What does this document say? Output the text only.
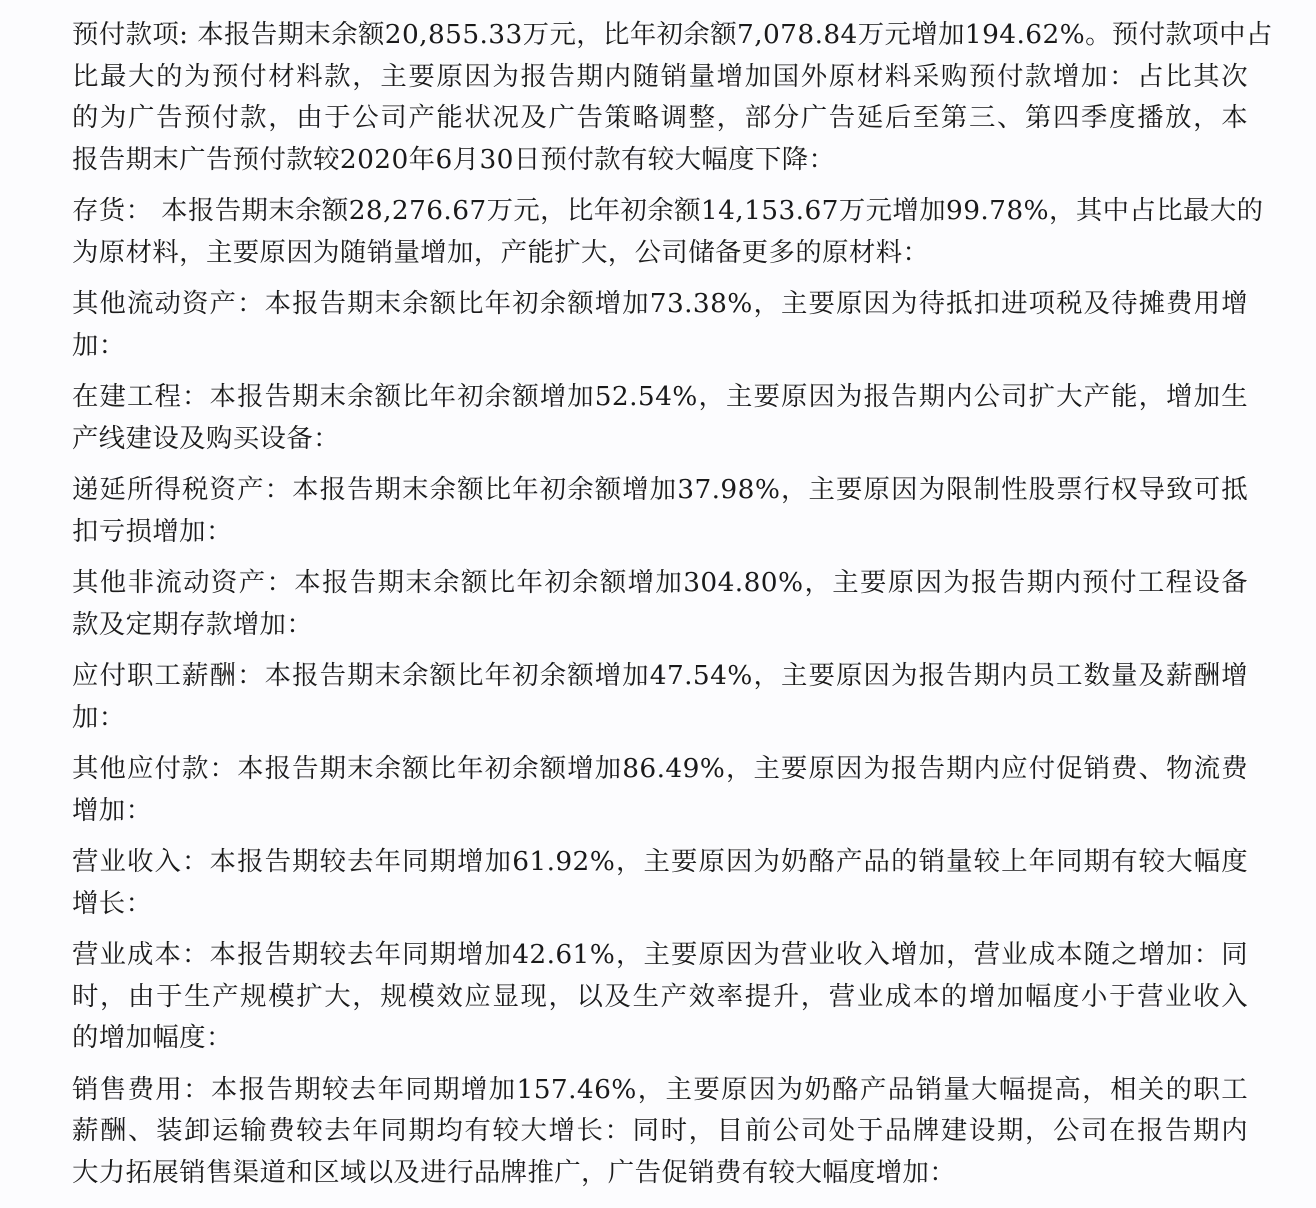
预付款项: 本报告期末余额20,855.33万元，比年初余额7,078.84万元增加194.62%。预付款项中占
比最大的为预付材料款，主要原因为报告期内随销量增加国外原材料采购预付款增加：占比其次
的为广告预付款，由于公司产能状况及广告策略调整，部分广告延后至第三、第四季度播放，本
报告期末广告预付款较2020年6月30日预付款有较大幅度下降：

存货： 本报告期末余额28,276.67万元，比年初余额14,153.67万元增加99.78%，其中占比最大的
为原材料，主要原因为随销量增加，产能扩大，公司储备更多的原材料：

其他流动资产：本报告期末余额比年初余额增加73.38%，主要原因为待抵扣进项税及待摊费用增
加：

在建工程：本报告期末余额比年初余额增加52.54%，主要原因为报告期内公司扩大产能，增加生
产线建设及购买设备：

递延所得税资产：本报告期末余额比年初余额增加37.98%，主要原因为限制性股票行权导致可抵
扣亏损增加：

其他非流动资产：本报告期末余额比年初余额增加304.80%，主要原因为报告期内预付工程设备
款及定期存款增加：

应付职工薪酬：本报告期末余额比年初余额增加47.54%，主要原因为报告期内员工数量及薪酬增
加：

其他应付款：本报告期末余额比年初余额增加86.49%，主要原因为报告期内应付促销费、物流费
增加：

营业收入：本报告期较去年同期增加61.92%，主要原因为奶酪产品的销量较上年同期有较大幅度
增长：

营业成本：本报告期较去年同期增加42.61%，主要原因为营业收入增加，营业成本随之增加：同
时，由于生产规模扩大，规模效应显现，以及生产效率提升，营业成本的增加幅度小于营业收入
的增加幅度：

销售费用：本报告期较去年同期增加157.46%，主要原因为奶酪产品销量大幅提高，相关的职工
薪酬、装卸运输费较去年同期均有较大增长：同时，目前公司处于品牌建设期，公司在报告期内
大力拓展销售渠道和区域以及进行品牌推广，广告促销费有较大幅度增加：
